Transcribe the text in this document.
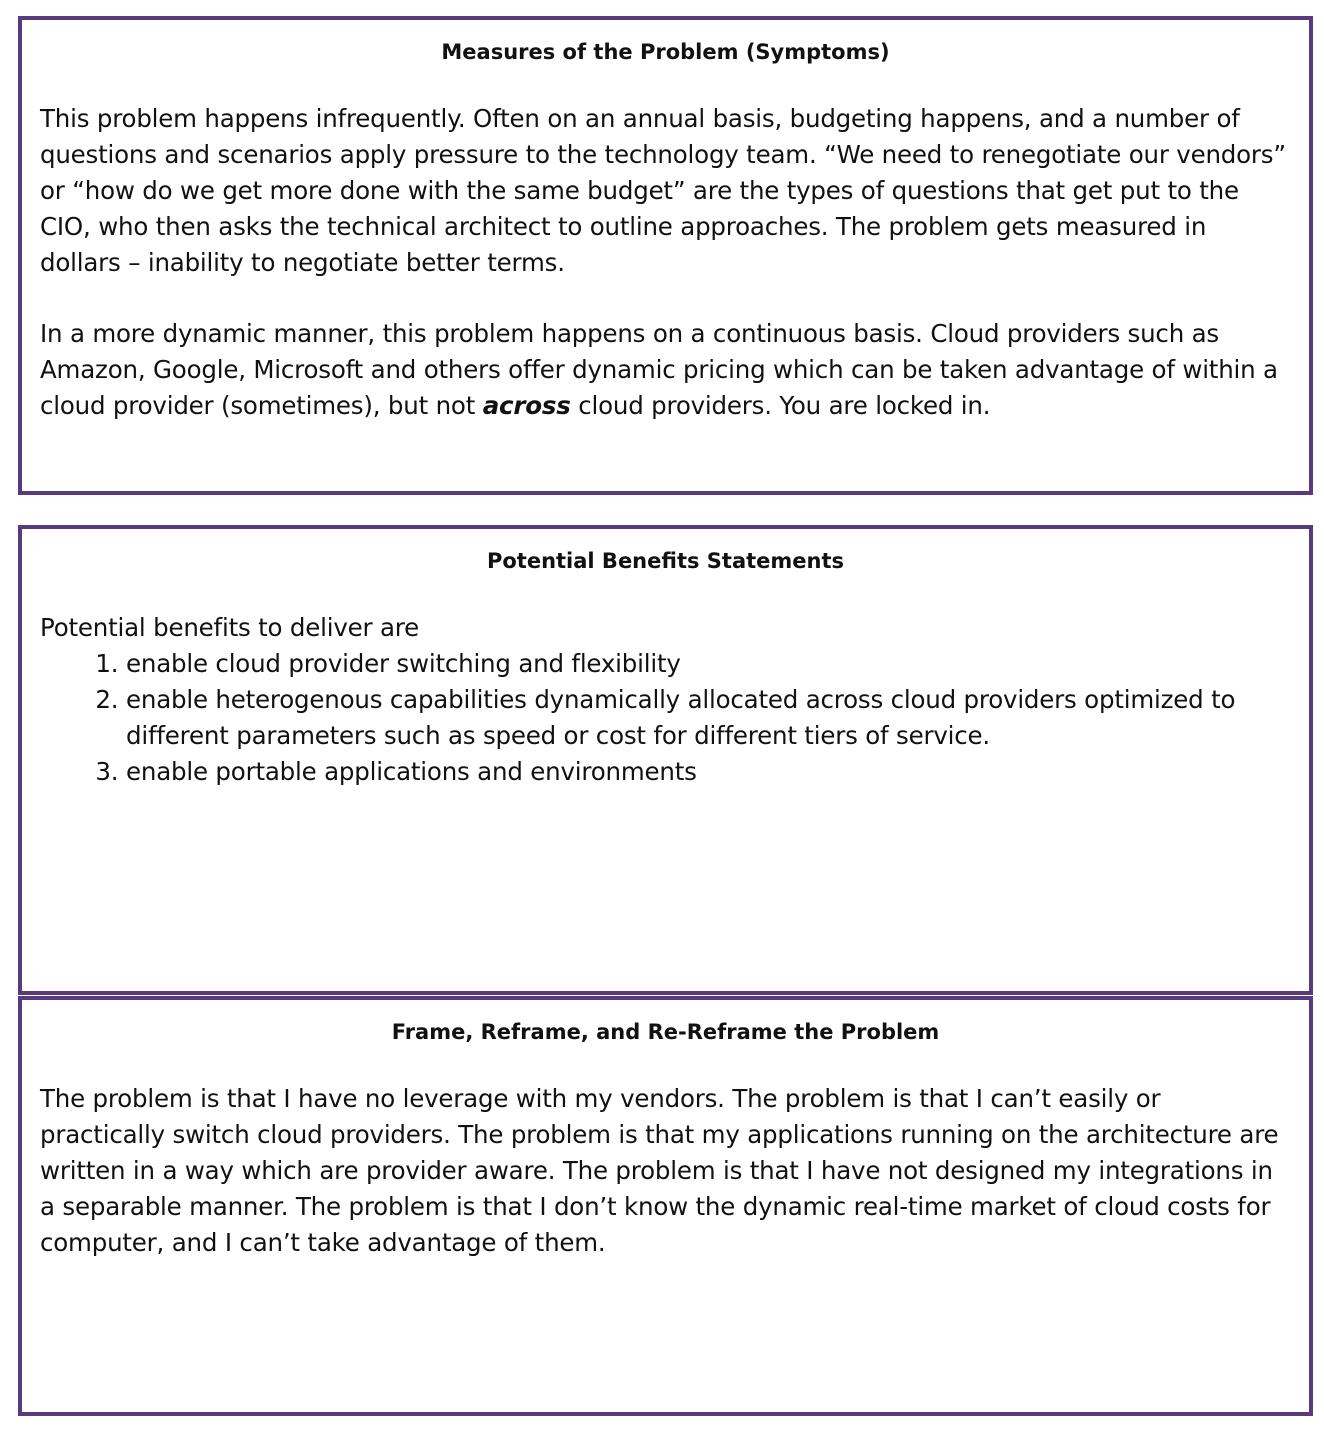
Measures of the Problem (Symptoms)

This problem happens infrequently. Often on an annual basis, budgeting happens, and a number of questions and scenarios apply pressure to the technology team. “We need to renegotiate our vendors” or “how do we get more done with the same budget” are the types of questions that get put to the CIO, who then asks the technical architect to outline approaches. The problem gets measured in dollars – inability to negotiate better terms.

In a more dynamic manner, this problem happens on a continuous basis. Cloud providers such as Amazon, Google, Microsoft and others offer dynamic pricing which can be taken advantage of within a cloud provider (sometimes), but not across cloud providers. You are locked in.

Potential Benefits Statements

Potential benefits to deliver are

1. enable cloud provider switching and flexibility
2. enable heterogenous capabilities dynamically allocated across cloud providers optimized to different parameters such as speed or cost for different tiers of service.
3. enable portable applications and environments
Frame, Reframe, and Re-Reframe the Problem

The problem is that I have no leverage with my vendors. The problem is that I can’t easily or practically switch cloud providers. The problem is that my applications running on the architecture are written in a way which are provider aware. The problem is that I have not designed my integrations in a separable manner. The problem is that I don’t know the dynamic real-time market of cloud costs for computer, and I can’t take advantage of them.
